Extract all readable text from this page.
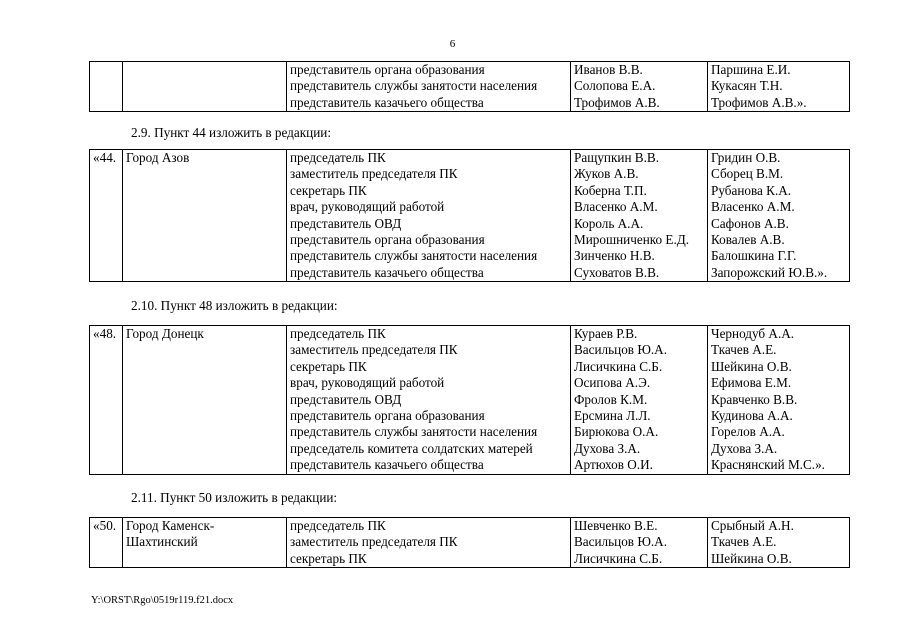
6
		представитель органа образования	Иванов В.В.	Паршина Е.И.
		представитель службы занятости населения	Солопова Е.А.	Кукасян Т.Н.
		представитель казачьего общества	Трофимов А.В.	Трофимов А.В.».
2.9. Пункт 44 изложить в редакции:
«44.	Город Азов	председатель ПК	Ращупкин В.В.	Гридин О.В.
		заместитель председателя ПК	Жуков А.В.	Сборец В.М.
		секретарь ПК	Коберна Т.П.	Рубанова К.А.
		врач, руководящий работой	Власенко А.М.	Власенко А.М.
		представитель ОВД	Король А.А.	Сафонов А.В.
		представитель органа образования	Мирошниченко Е.Д.	Ковалев А.В.
		представитель службы занятости населения	Зинченко Н.В.	Балошкина Г.Г.
		представитель казачьего общества	Суховатов В.В.	Запорожский Ю.В.».
2.10. Пункт 48 изложить в редакции:
«48.	Город Донецк	председатель ПК	Кураев Р.В.	Чернодуб А.А.
		заместитель председателя ПК	Васильцов Ю.А.	Ткачев А.Е.
		секретарь ПК	Лисичкина С.Б.	Шейкина О.В.
		врач, руководящий работой	Осипова А.Э.	Ефимова Е.М.
		представитель ОВД	Фролов К.М.	Кравченко В.В.
		представитель органа образования	Ерсмина Л.Л.	Кудинова А.А.
		представитель службы занятости населения	Бирюкова О.А.	Горелов А.А.
		председатель комитета солдатских матерей	Духова З.А.	Духова З.А.
		представитель казачьего общества	Артюхов О.И.	Краснянский М.С.».
2.11. Пункт 50 изложить в редакции:
«50.	Город Каменск-	председатель ПК	Шевченко В.Е.	Срыбный А.Н.
	Шахтинский	заместитель председателя ПК	Васильцов Ю.А.	Ткачев А.Е.
		секретарь ПК	Лисичкина С.Б.	Шейкина О.В.
Y:\ORST\Rgo\0519r119.f21.docx
